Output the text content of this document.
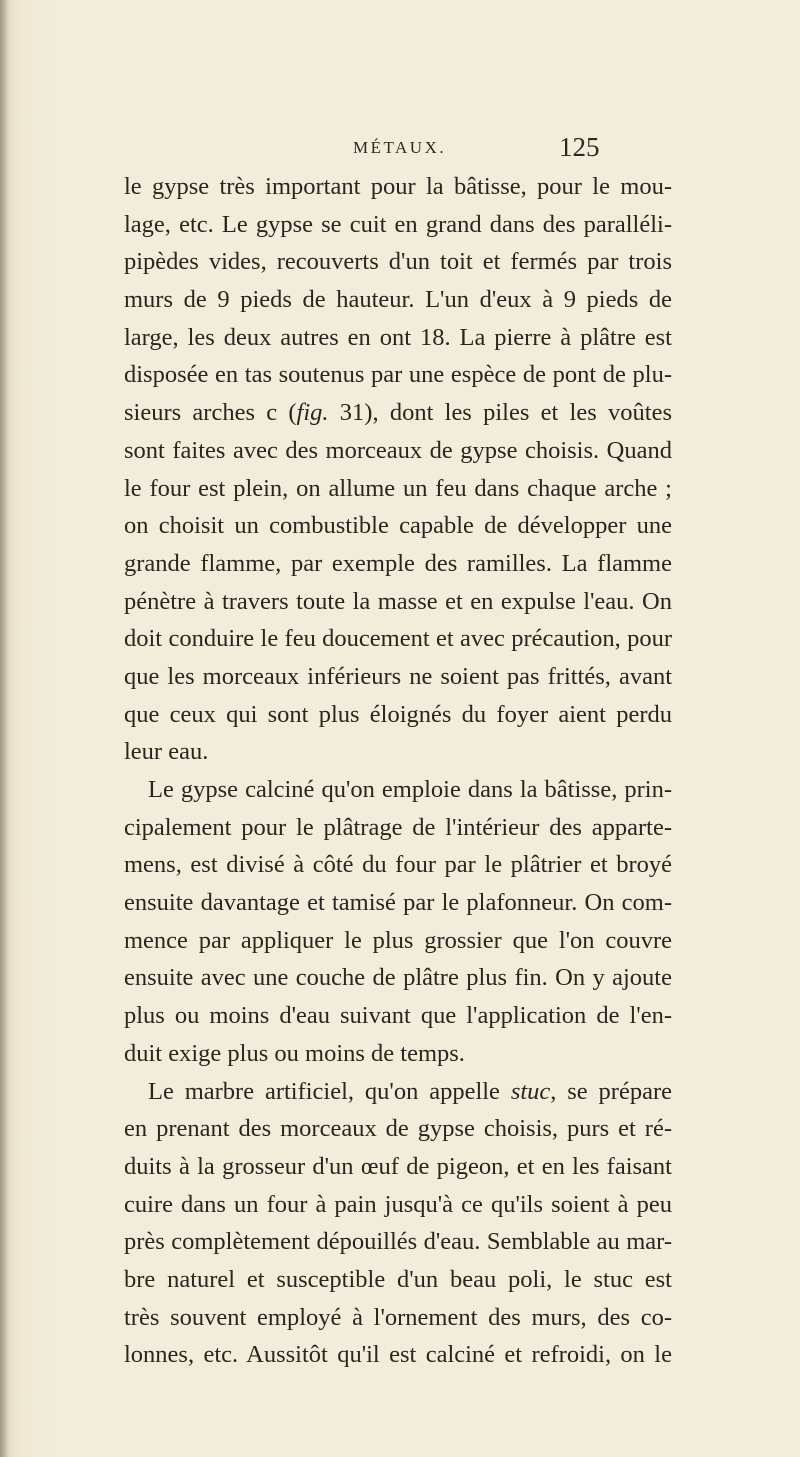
MÉTAUX.	125
le gypse très important pour la bâtisse, pour le mou-
lage, etc. Le gypse se cuit en grand dans des paralléli-
pipèdes vides, recouverts d'un toit et fermés par trois
murs de 9 pieds de hauteur. L'un d'eux à 9 pieds de
large, les deux autres en ont 18. La pierre à plâtre est
disposée en tas soutenus par une espèce de pont de plu-
sieurs arches c (fig. 31), dont les piles et les voûtes
sont faites avec des morceaux de gypse choisis. Quand
le four est plein, on allume un feu dans chaque arche ;
on choisit un combustible capable de développer une
grande flamme, par exemple des ramilles. La flamme
pénètre à travers toute la masse et en expulse l'eau. On
doit conduire le feu doucement et avec précaution, pour
que les morceaux inférieurs ne soient pas frittés, avant
que ceux qui sont plus éloignés du foyer aient perdu
leur eau.
Le gypse calciné qu'on emploie dans la bâtisse, prin-
cipalement pour le plâtrage de l'intérieur des apparte-
mens, est divisé à côté du four par le plâtrier et broyé
ensuite davantage et tamisé par le plafonneur. On com-
mence par appliquer le plus grossier que l'on couvre
ensuite avec une couche de plâtre plus fin. On y ajoute
plus ou moins d'eau suivant que l'application de l'en-
duit exige plus ou moins de temps.
Le marbre artificiel, qu'on appelle stuc, se prépare
en prenant des morceaux de gypse choisis, purs et ré-
duits à la grosseur d'un œuf de pigeon, et en les faisant
cuire dans un four à pain jusqu'à ce qu'ils soient à peu
près complètement dépouillés d'eau. Semblable au mar-
bre naturel et susceptible d'un beau poli, le stuc est
très souvent employé à l'ornement des murs, des co-
lonnes, etc. Aussitôt qu'il est calciné et refroidi, on le
